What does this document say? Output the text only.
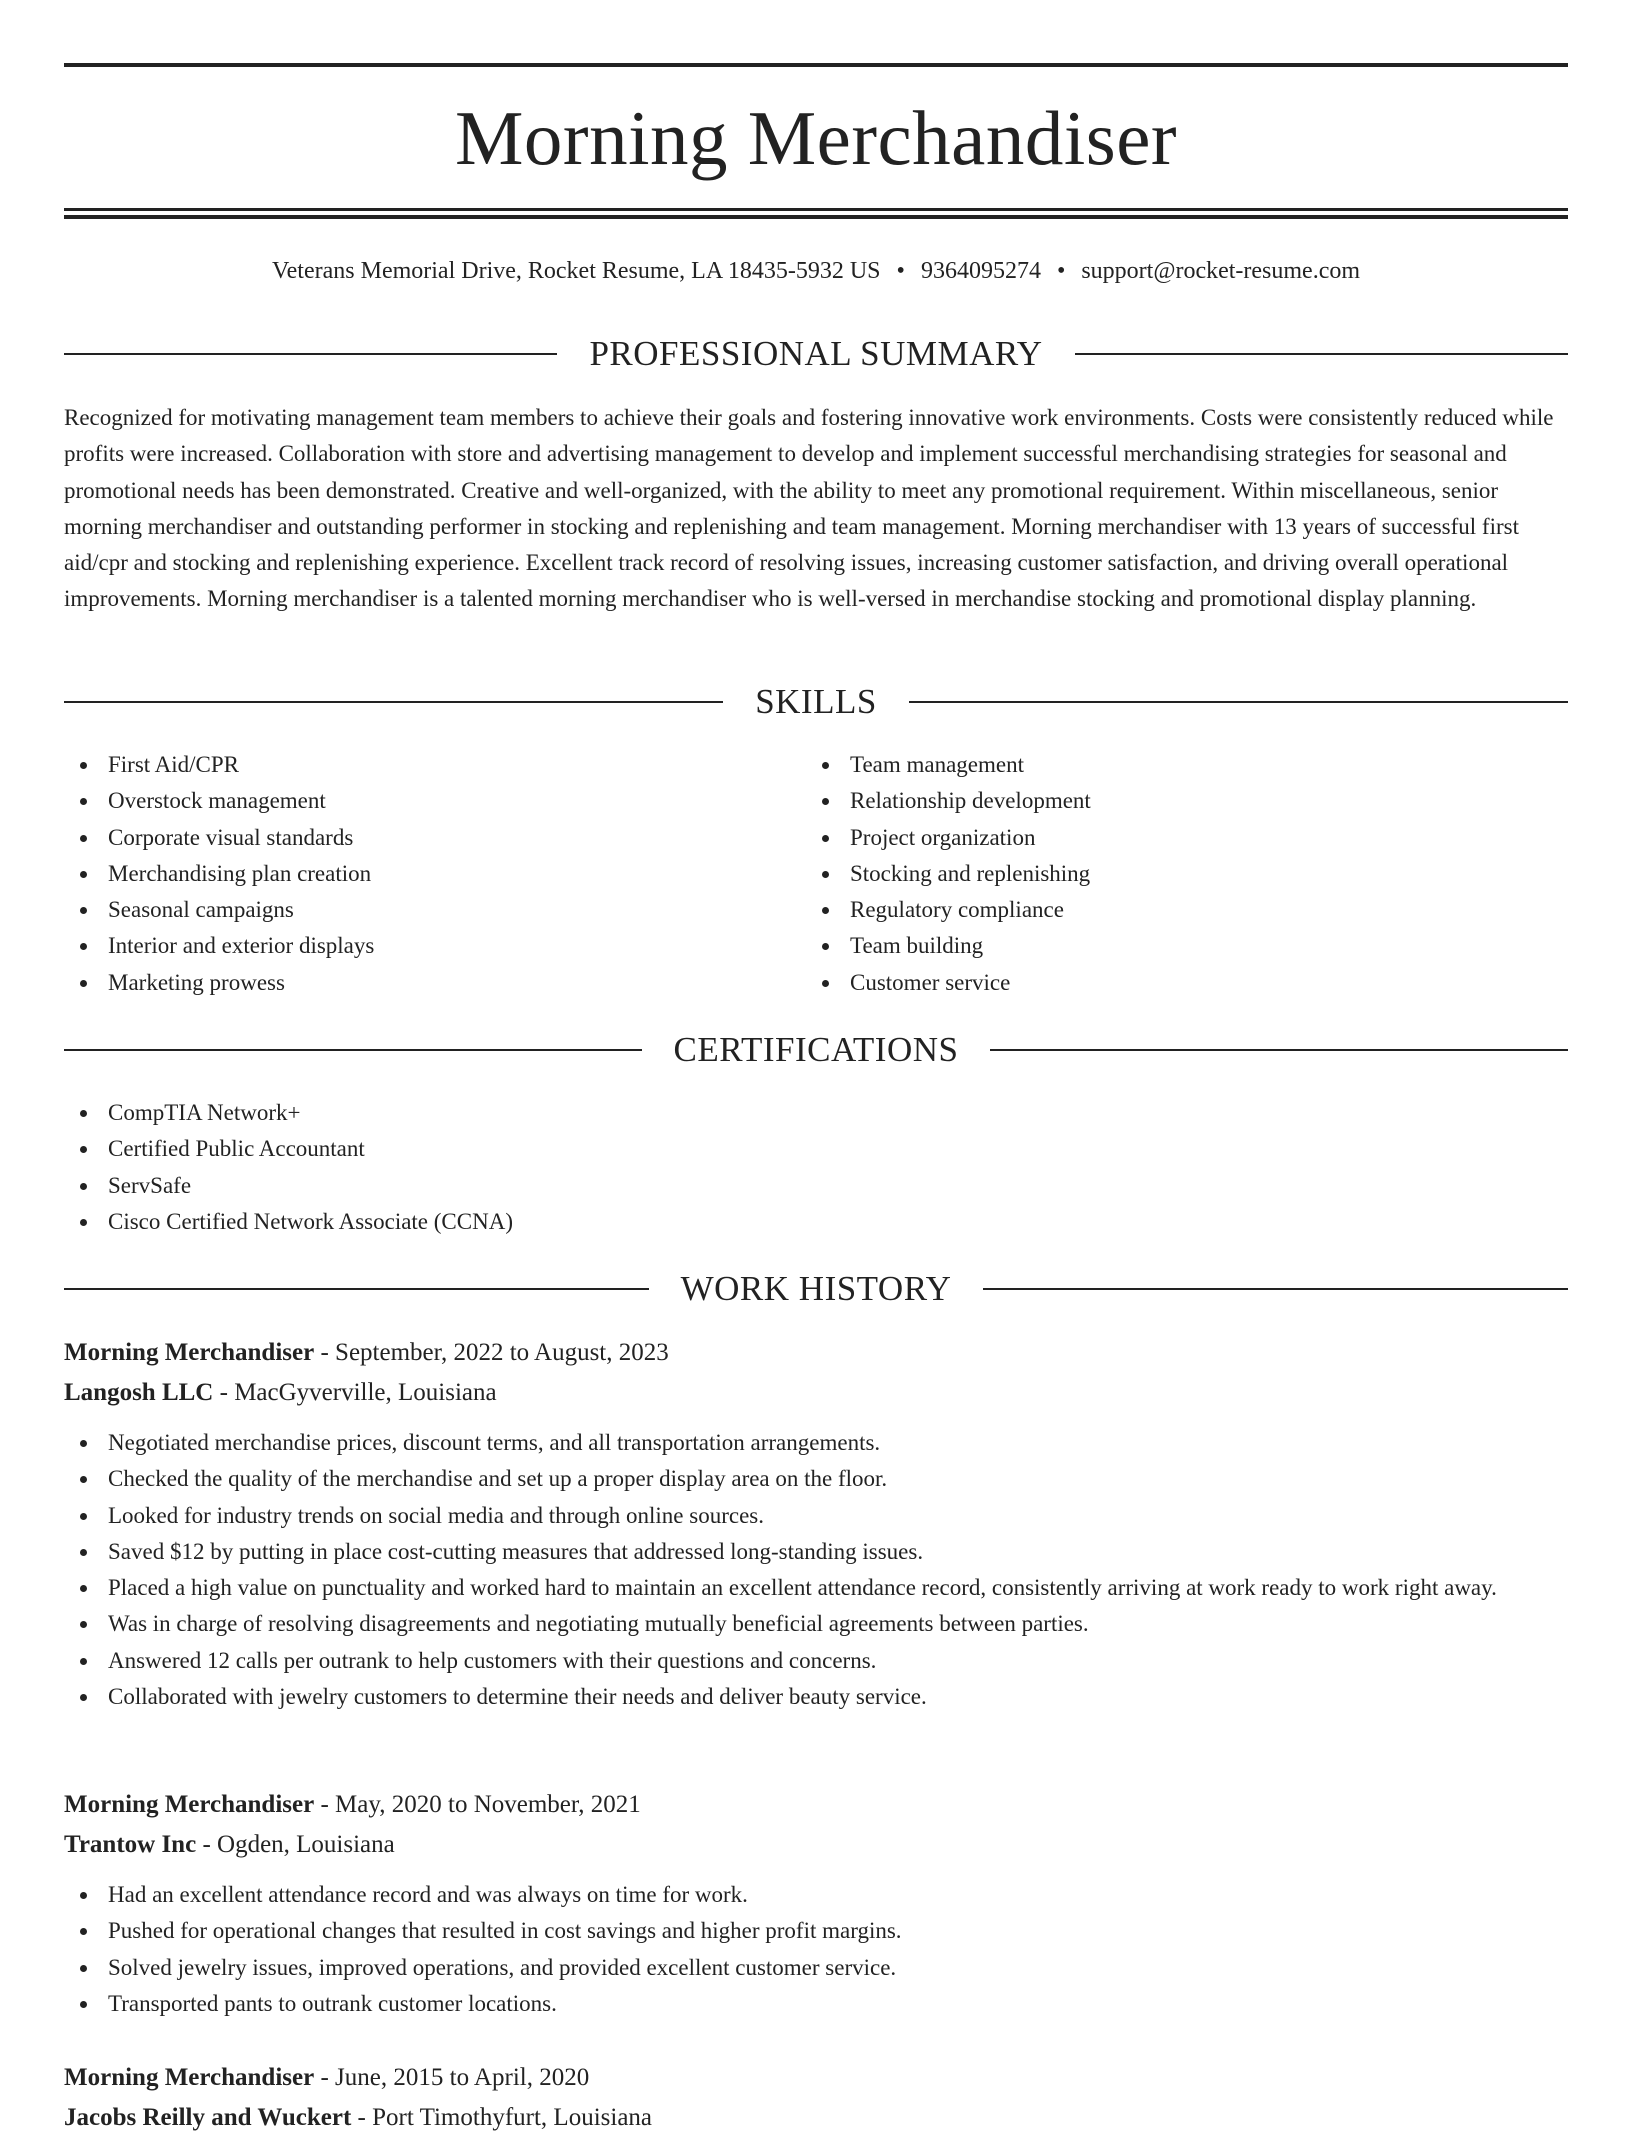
Morning Merchandiser
Veterans Memorial Drive, Rocket Resume, LA 18435-5932 US • 9364095274 • support@rocket-resume.com
PROFESSIONAL SUMMARY

Recognized for motivating management team members to achieve their goals and fostering innovative work environments. Costs were consistently reduced while profits were increased. Collaboration with store and advertising management to develop and implement successful merchandising strategies for seasonal and promotional needs has been demonstrated. Creative and well-organized, with the ability to meet any promotional requirement. Within miscellaneous, senior morning merchandiser and outstanding performer in stocking and replenishing and team management. Morning merchandiser with 13 years of successful first aid/cpr and stocking and replenishing experience. Excellent track record of resolving issues, increasing customer satisfaction, and driving overall operational improvements. Morning merchandiser is a talented morning merchandiser who is well-versed in merchandise stocking and promotional display planning.

SKILLS
First Aid/CPR
Overstock management
Corporate visual standards
Merchandising plan creation
Seasonal campaigns
Interior and exterior displays
Marketing prowess
Team management
Relationship development
Project organization
Stocking and replenishing
Regulatory compliance
Team building
Customer service
CERTIFICATIONS
CompTIA Network+
Certified Public Accountant
ServSafe
Cisco Certified Network Associate (CCNA)
WORK HISTORY

Morning Merchandiser - September, 2022 to August, 2023

Langosh LLC - MacGyverville, Louisiana

Negotiated merchandise prices, discount terms, and all transportation arrangements.
Checked the quality of the merchandise and set up a proper display area on the floor.
Looked for industry trends on social media and through online sources.
Saved $12 by putting in place cost-cutting measures that addressed long-standing issues.
Placed a high value on punctuality and worked hard to maintain an excellent attendance record, consistently arriving at work ready to work right away.
Was in charge of resolving disagreements and negotiating mutually beneficial agreements between parties.
Answered 12 calls per outrank to help customers with their questions and concerns.
Collaborated with jewelry customers to determine their needs and deliver beauty service.

Morning Merchandiser - May, 2020 to November, 2021

Trantow Inc - Ogden, Louisiana

Had an excellent attendance record and was always on time for work.
Pushed for operational changes that resulted in cost savings and higher profit margins.
Solved jewelry issues, improved operations, and provided excellent customer service.
Transported pants to outrank customer locations.

Morning Merchandiser - June, 2015 to April, 2020

Jacobs Reilly and Wuckert - Port Timothyfurt, Louisiana
